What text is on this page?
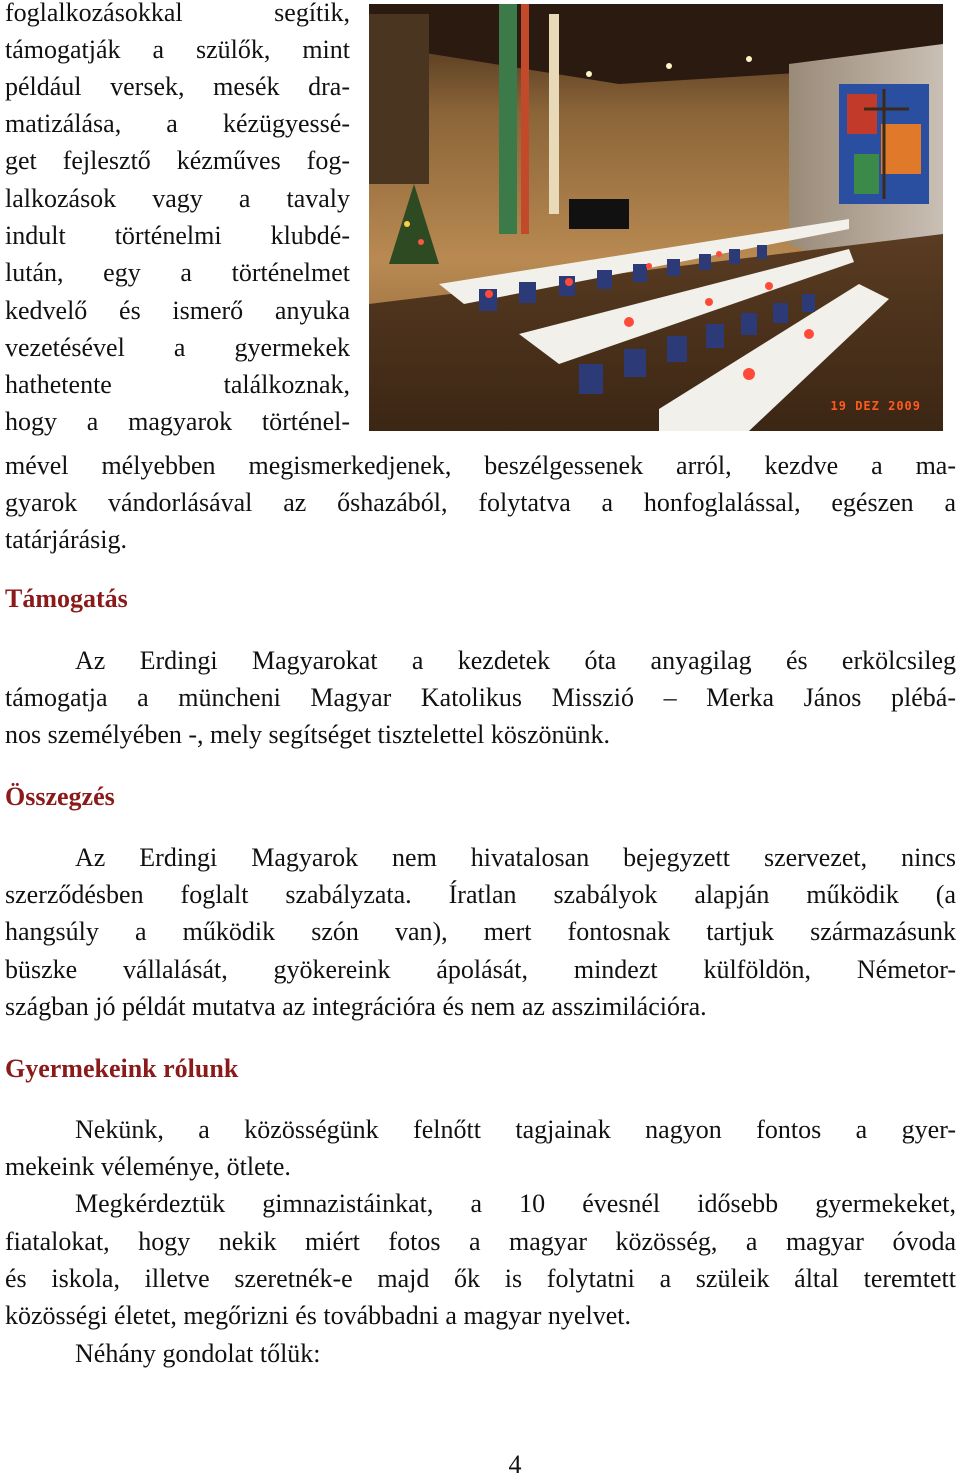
foglalkozásokkal segítik,
támogatják a szülők, mint
például versek, mesék dra-
matizálása, a kézügyessé-
get fejlesztő kézműves fog-
lalkozások vagy a tavaly
indult történelmi klubdé-
lután, egy a történelmet
kedvelő és ismerő anyuka
vezetésével a gyermekek
hathetente találkoznak,
hogy a magyarok történel-
19 DEZ 2009
mével mélyebben megismerkedjenek, beszélgessenek arról, kezdve a ma-
gyarok vándorlásával az őshazából, folytatva a honfoglalással, egészen a
tatárjárásig.
Támogatás
Az Erdingi Magyarokat a kezdetek óta anyagilag és erkölcsileg
támogatja a müncheni Magyar Katolikus Misszió – Merka János plébá-
nos személyében -, mely segítséget tisztelettel köszönünk.
Összegzés
Az Erdingi Magyarok nem hivatalosan bejegyzett szervezet, nincs
szerződésben foglalt szabályzata. Íratlan szabályok alapján működik (a
hangsúly a működik szón van), mert fontosnak tartjuk származásunk
büszke vállalását, gyökereink ápolását, mindezt külföldön, Németor-
szágban jó példát mutatva az integrációra és nem az asszimilációra.
Gyermekeink rólunk
Nekünk, a közösségünk felnőtt tagjainak nagyon fontos a gyer-
mekeink véleménye, ötlete.
Megkérdeztük gimnazistáinkat, a 10 évesnél idősebb gyermekeket,
fiatalokat, hogy nekik miért fotos a magyar közösség, a magyar óvoda
és iskola, illetve szeretnék-e majd ők is folytatni a szüleik által teremtett
közösségi életet, megőrizni és továbbadni a magyar nyelvet.
Néhány gondolat tőlük:
4
